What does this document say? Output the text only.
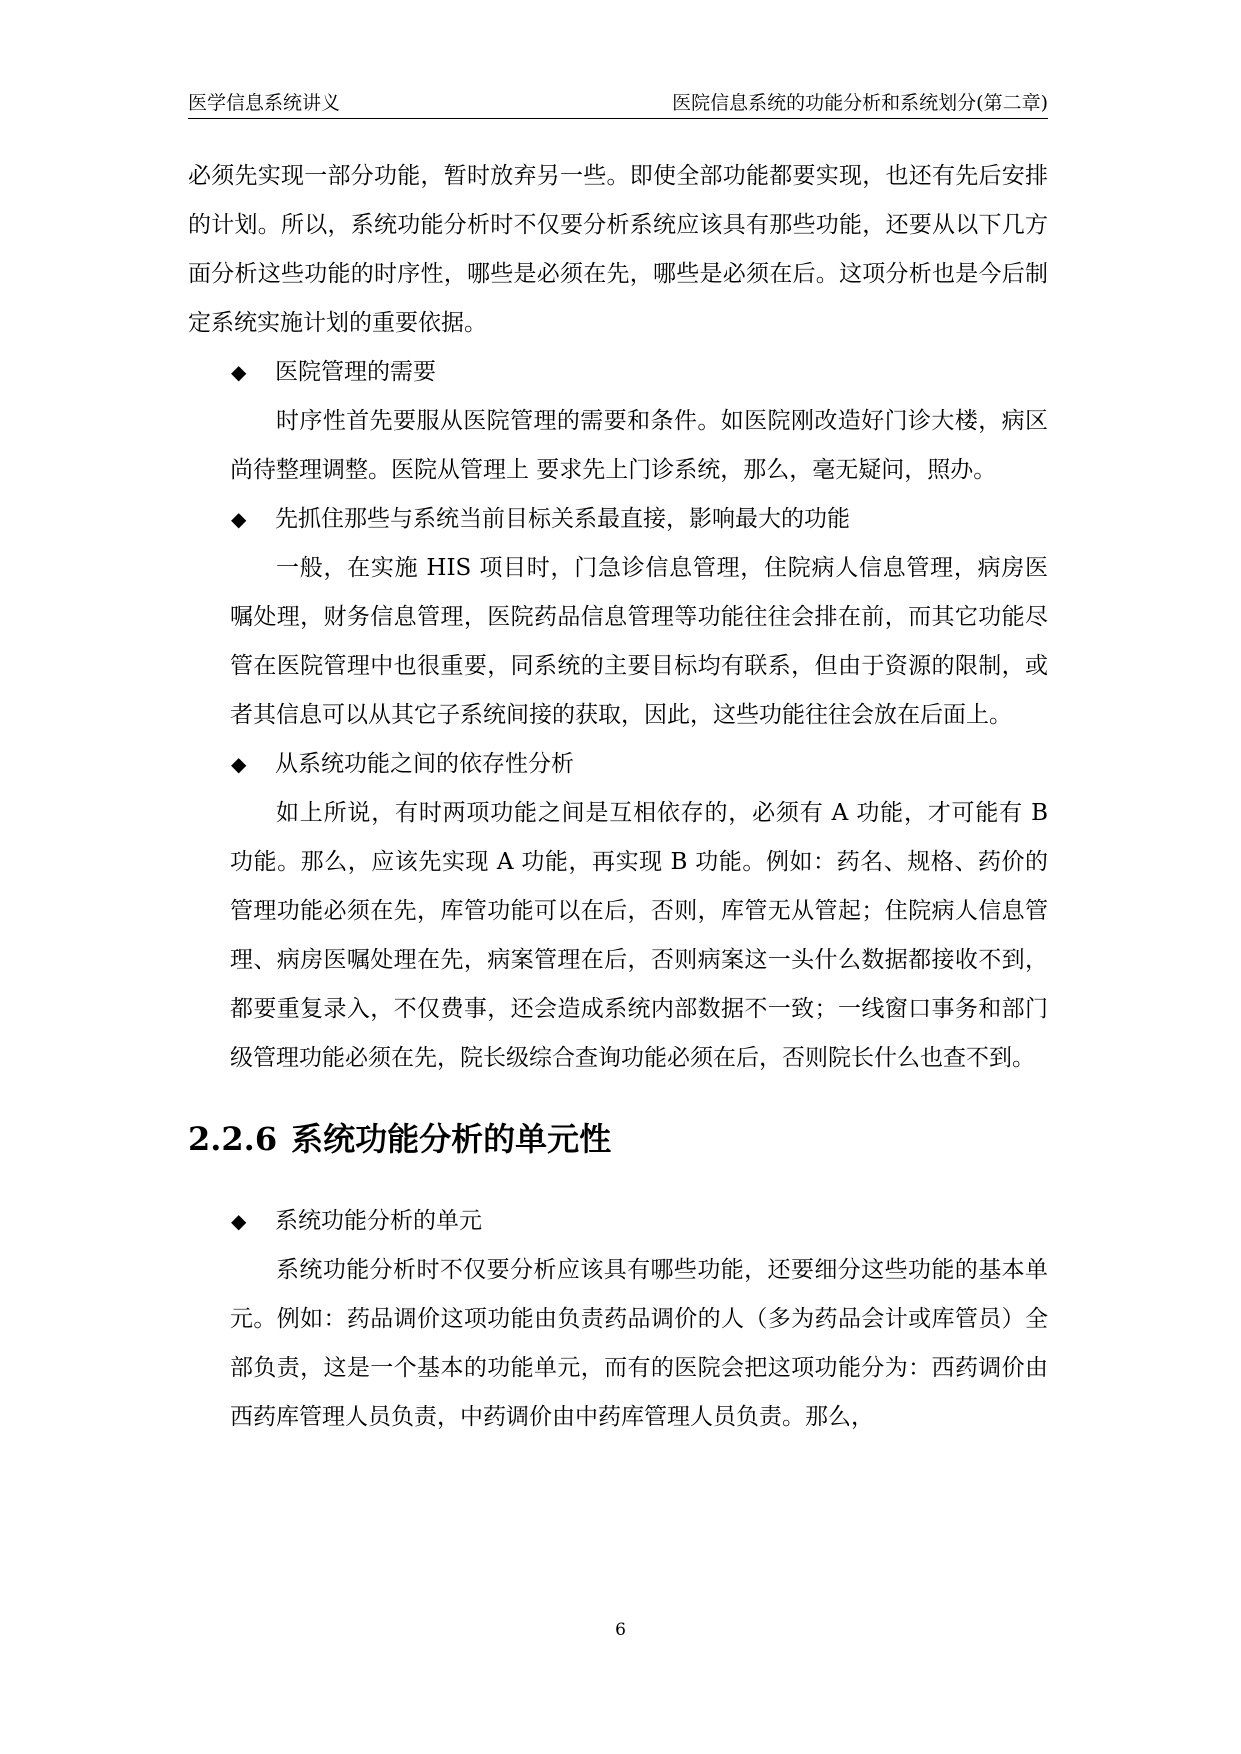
医学信息系统讲义	医院信息系统的功能分析和系统划分(第二章)

必须先实现一部分功能，暂时放弃另一些。即使全部功能都要实现，也还有先后安排的计划。所以，系统功能分析时不仅要分析系统应该具有那些功能，还要从以下几方面分析这些功能的时序性，哪些是必须在先，哪些是必须在后。这项分析也是今后制定系统实施计划的重要依据。

◆ 医院管理的需要

时序性首先要服从医院管理的需要和条件。如医院刚改造好门诊大楼，病区尚待整理调整。医院从管理上 要求先上门诊系统，那么，毫无疑问，照办。

◆ 先抓住那些与系统当前目标关系最直接，影响最大的功能

一般，在实施 HIS 项目时，门急诊信息管理，住院病人信息管理，病房医嘱处理，财务信息管理，医院药品信息管理等功能往往会排在前，而其它功能尽管在医院管理中也很重要，同系统的主要目标均有联系，但由于资源的限制，或者其信息可以从其它子系统间接的获取，因此，这些功能往往会放在后面上。

◆ 从系统功能之间的依存性分析

如上所说，有时两项功能之间是互相依存的，必须有 A 功能，才可能有 B 功能。那么，应该先实现 A 功能，再实现 B 功能。例如：药名、规格、药价的管理功能必须在先，库管功能可以在后，否则，库管无从管起；住院病人信息管理、病房医嘱处理在先，病案管理在后，否则病案这一头什么数据都接收不到，都要重复录入，不仅费事，还会造成系统内部数据不一致；一线窗口事务和部门级管理功能必须在先，院长级综合查询功能必须在后，否则院长什么也查不到。

2.2.6 系统功能分析的单元性

◆ 系统功能分析的单元

系统功能分析时不仅要分析应该具有哪些功能，还要细分这些功能的基本单元。例如：药品调价这项功能由负责药品调价的人（多为药品会计或库管员）全部负责，这是一个基本的功能单元，而有的医院会把这项功能分为：西药调价由西药库管理人员负责，中药调价由中药库管理人员负责。那么，

6
